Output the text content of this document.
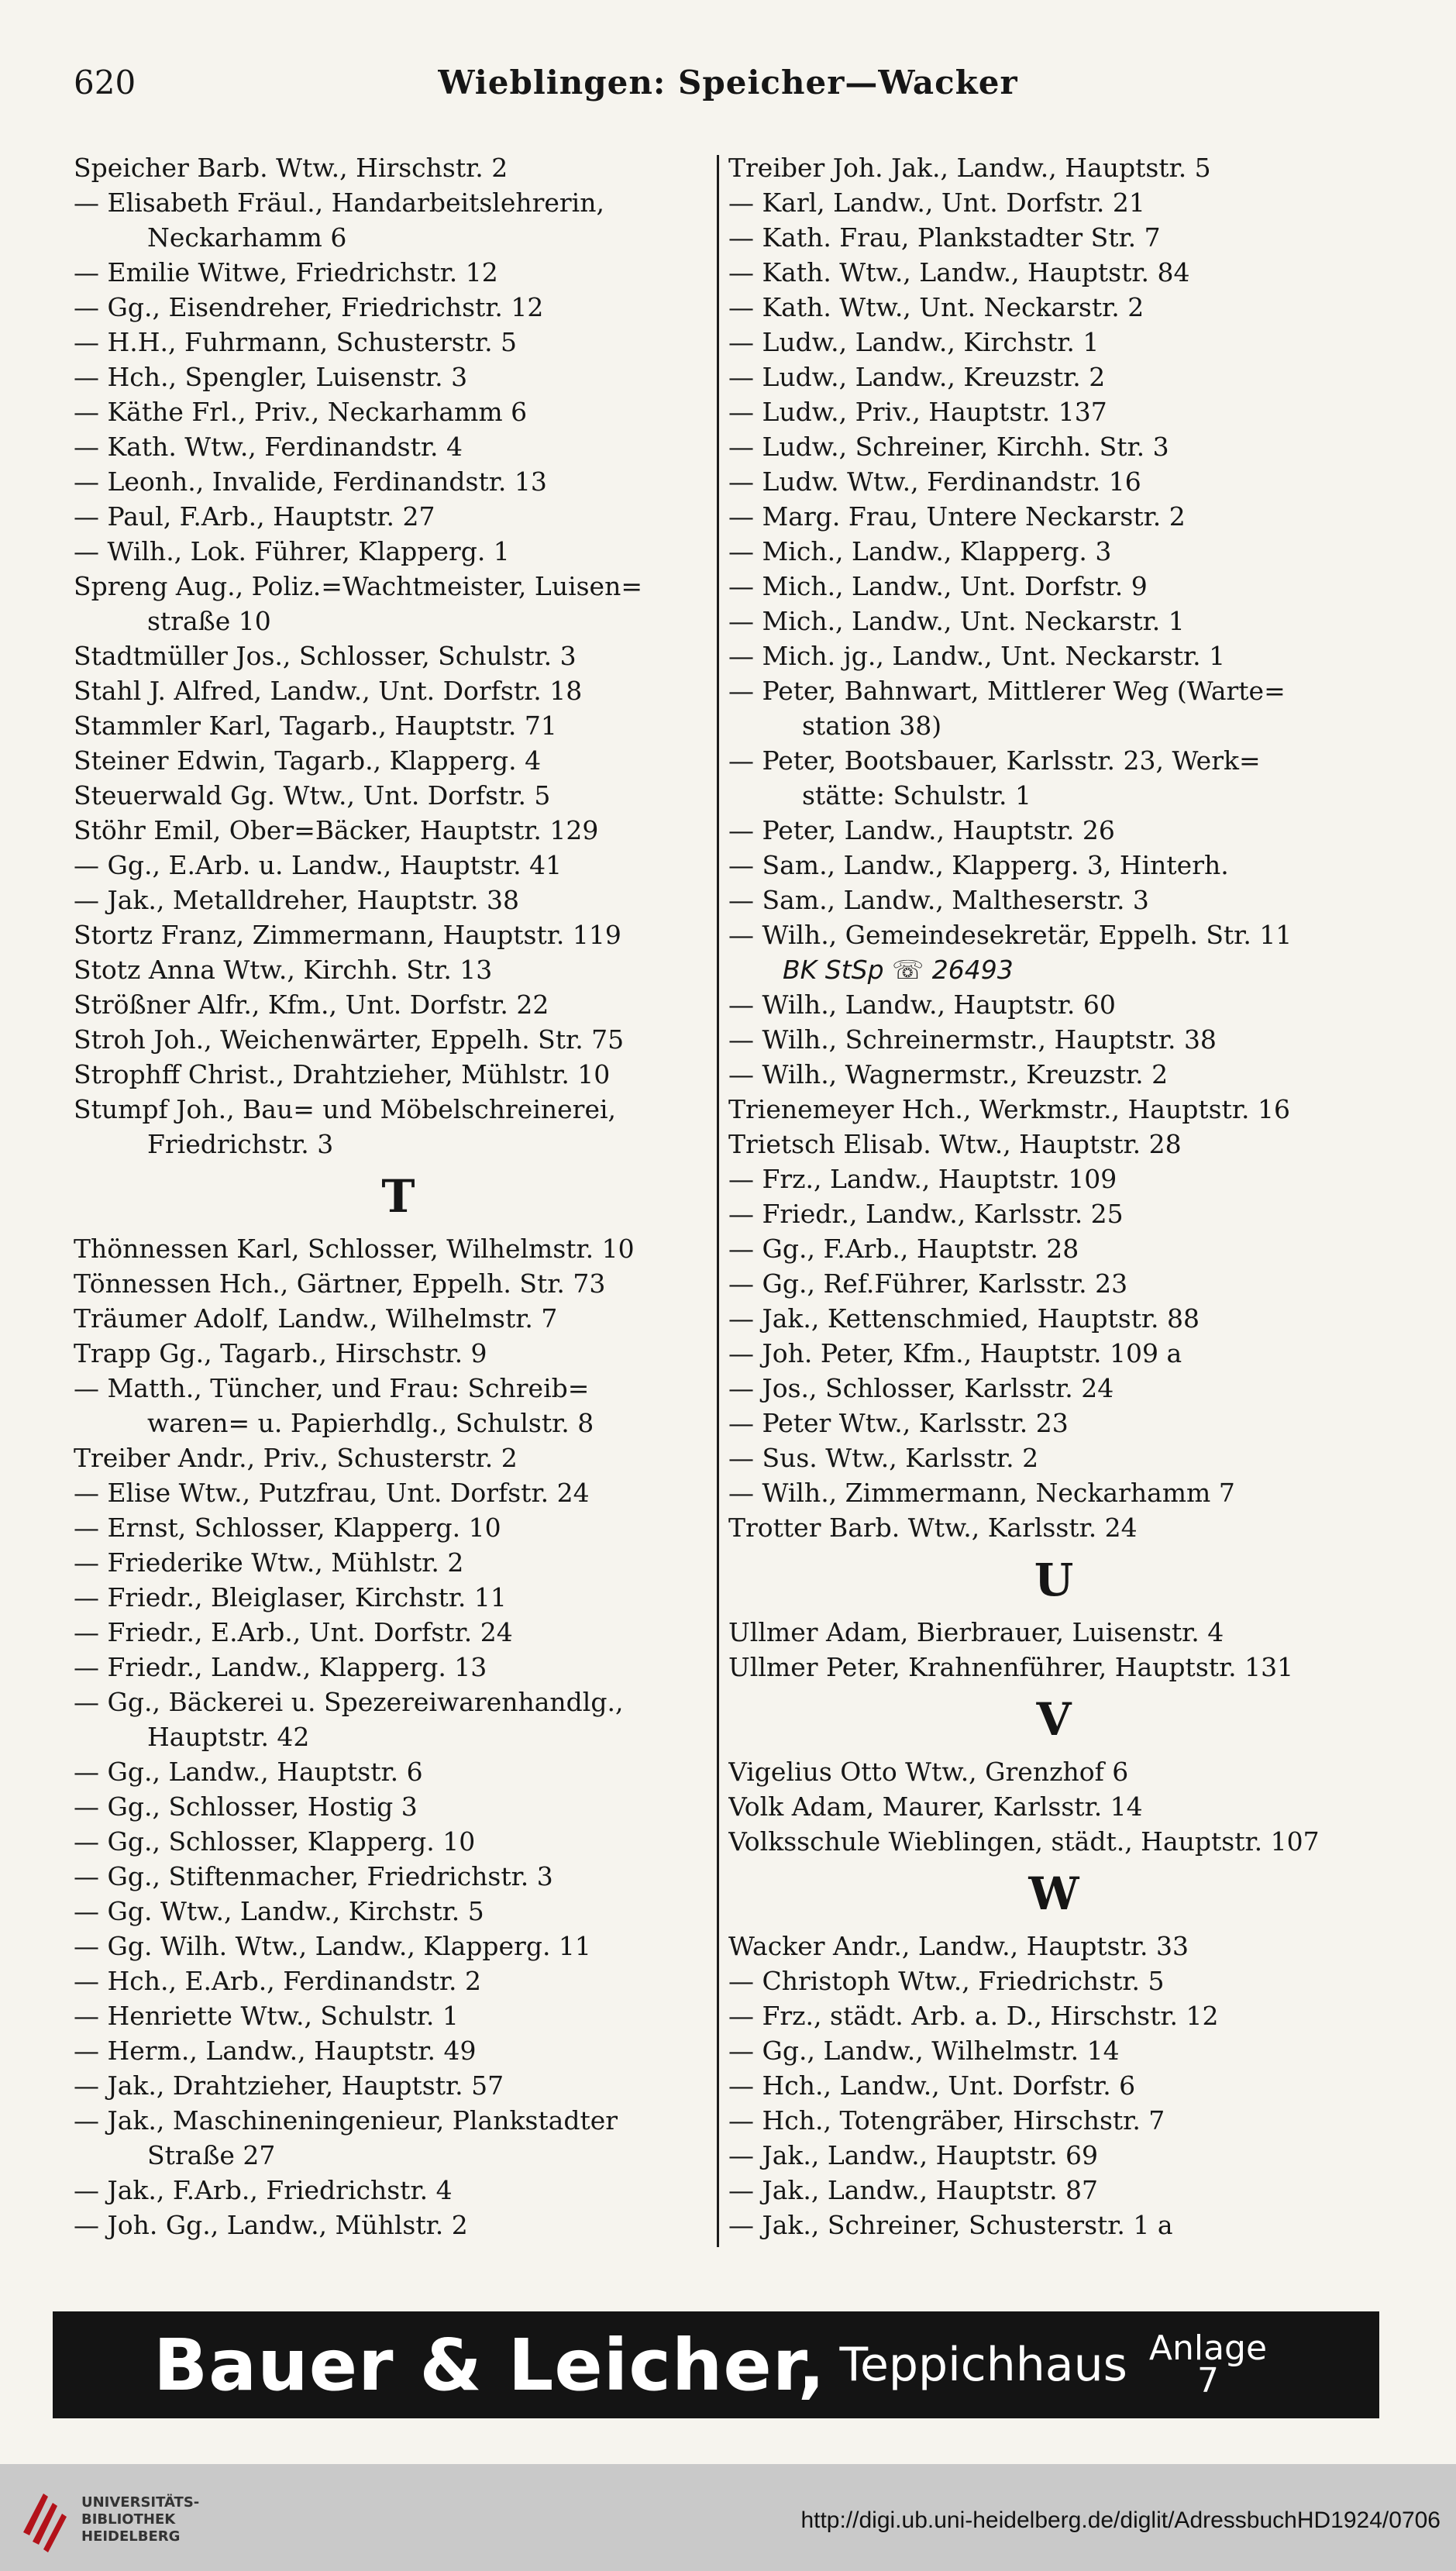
620	Wieblingen: Speicher—Wacker
Speicher Barb. Wtw., Hirschstr. 2
— Elisabeth Fräul., Handarbeitslehrerin,
Neckarhamm 6
— Emilie Witwe, Friedrichstr. 12
— Gg., Eisendreher, Friedrichstr. 12
— H.H., Fuhrmann, Schusterstr. 5
— Hch., Spengler, Luisenstr. 3
— Käthe Frl., Priv., Neckarhamm 6
— Kath. Wtw., Ferdinandstr. 4
— Leonh., Invalide, Ferdinandstr. 13
— Paul, F.Arb., Hauptstr. 27
— Wilh., Lok. Führer, Klapperg. 1
Spreng Aug., Poliz.=Wachtmeister, Luisen=
straße 10
Stadtmüller Jos., Schlosser, Schulstr. 3
Stahl J. Alfred, Landw., Unt. Dorfstr. 18
Stammler Karl, Tagarb., Hauptstr. 71
Steiner Edwin, Tagarb., Klapperg. 4
Steuerwald Gg. Wtw., Unt. Dorfstr. 5
Stöhr Emil, Ober=Bäcker, Hauptstr. 129
— Gg., E.Arb. u. Landw., Hauptstr. 41
— Jak., Metalldreher, Hauptstr. 38
Stortz Franz, Zimmermann, Hauptstr. 119
Stotz Anna Wtw., Kirchh. Str. 13
Strößner Alfr., Kfm., Unt. Dorfstr. 22
Stroh Joh., Weichenwärter, Eppelh. Str. 75
Strophff Christ., Drahtzieher, Mühlstr. 10
Stumpf Joh., Bau= und Möbelschreinerei,
Friedrichstr. 3
T
Thönnessen Karl, Schlosser, Wilhelmstr. 10
Tönnessen Hch., Gärtner, Eppelh. Str. 73
Träumer Adolf, Landw., Wilhelmstr. 7
Trapp Gg., Tagarb., Hirschstr. 9
— Matth., Tüncher, und Frau: Schreib=
waren= u. Papierhdlg., Schulstr. 8
Treiber Andr., Priv., Schusterstr. 2
— Elise Wtw., Putzfrau, Unt. Dorfstr. 24
— Ernst, Schlosser, Klapperg. 10
— Friederike Wtw., Mühlstr. 2
— Friedr., Bleiglaser, Kirchstr. 11
— Friedr., E.Arb., Unt. Dorfstr. 24
— Friedr., Landw., Klapperg. 13
— Gg., Bäckerei u. Spezereiwarenhandlg.,
Hauptstr. 42
— Gg., Landw., Hauptstr. 6
— Gg., Schlosser, Hostig 3
— Gg., Schlosser, Klapperg. 10
— Gg., Stiftenmacher, Friedrichstr. 3
— Gg. Wtw., Landw., Kirchstr. 5
— Gg. Wilh. Wtw., Landw., Klapperg. 11
— Hch., E.Arb., Ferdinandstr. 2
— Henriette Wtw., Schulstr. 1
— Herm., Landw., Hauptstr. 49
— Jak., Drahtzieher, Hauptstr. 57
— Jak., Maschineningenieur, Plankstadter
Straße 27
— Jak., F.Arb., Friedrichstr. 4
— Joh. Gg., Landw., Mühlstr. 2
Treiber Joh. Jak., Landw., Hauptstr. 5
— Karl, Landw., Unt. Dorfstr. 21
— Kath. Frau, Plankstadter Str. 7
— Kath. Wtw., Landw., Hauptstr. 84
— Kath. Wtw., Unt. Neckarstr. 2
— Ludw., Landw., Kirchstr. 1
— Ludw., Landw., Kreuzstr. 2
— Ludw., Priv., Hauptstr. 137
— Ludw., Schreiner, Kirchh. Str. 3
— Ludw. Wtw., Ferdinandstr. 16
— Marg. Frau, Untere Neckarstr. 2
— Mich., Landw., Klapperg. 3
— Mich., Landw., Unt. Dorfstr. 9
— Mich., Landw., Unt. Neckarstr. 1
— Mich. jg., Landw., Unt. Neckarstr. 1
— Peter, Bahnwart, Mittlerer Weg (Warte=
station 38)
— Peter, Bootsbauer, Karlsstr. 23, Werk=
stätte: Schulstr. 1
— Peter, Landw., Hauptstr. 26
— Sam., Landw., Klapperg. 3, Hinterh.
— Sam., Landw., Maltheserstr. 3
— Wilh., Gemeindesekretär, Eppelh. Str. 11
BK StSp ☏ 26493
— Wilh., Landw., Hauptstr. 60
— Wilh., Schreinermstr., Hauptstr. 38
— Wilh., Wagnermstr., Kreuzstr. 2
Trienemeyer Hch., Werkmstr., Hauptstr. 16
Trietsch Elisab. Wtw., Hauptstr. 28
— Frz., Landw., Hauptstr. 109
— Friedr., Landw., Karlsstr. 25
— Gg., F.Arb., Hauptstr. 28
— Gg., Ref.Führer, Karlsstr. 23
— Jak., Kettenschmied, Hauptstr. 88
— Joh. Peter, Kfm., Hauptstr. 109 a
— Jos., Schlosser, Karlsstr. 24
— Peter Wtw., Karlsstr. 23
— Sus. Wtw., Karlsstr. 2
— Wilh., Zimmermann, Neckarhamm 7
Trotter Barb. Wtw., Karlsstr. 24
U
Ullmer Adam, Bierbrauer, Luisenstr. 4
Ullmer Peter, Krahnenführer, Hauptstr. 131
V
Vigelius Otto Wtw., Grenzhof 6
Volk Adam, Maurer, Karlsstr. 14
Volksschule Wieblingen, städt., Hauptstr. 107
W
Wacker Andr., Landw., Hauptstr. 33
— Christoph Wtw., Friedrichstr. 5
— Frz., städt. Arb. a. D., Hirschstr. 12
— Gg., Landw., Wilhelmstr. 14
— Hch., Landw., Unt. Dorfstr. 6
— Hch., Totengräber, Hirschstr. 7
— Jak., Landw., Hauptstr. 69
— Jak., Landw., Hauptstr. 87
— Jak., Schreiner, Schusterstr. 1 a
Bauer & Leicher, Teppichhaus Anlage
7
UNIVERSITÄTS-
BIBLIOTHEK
HEIDELBERG
http://digi.ub.uni-heidelberg.de/diglit/AdressbuchHD1924/0706
